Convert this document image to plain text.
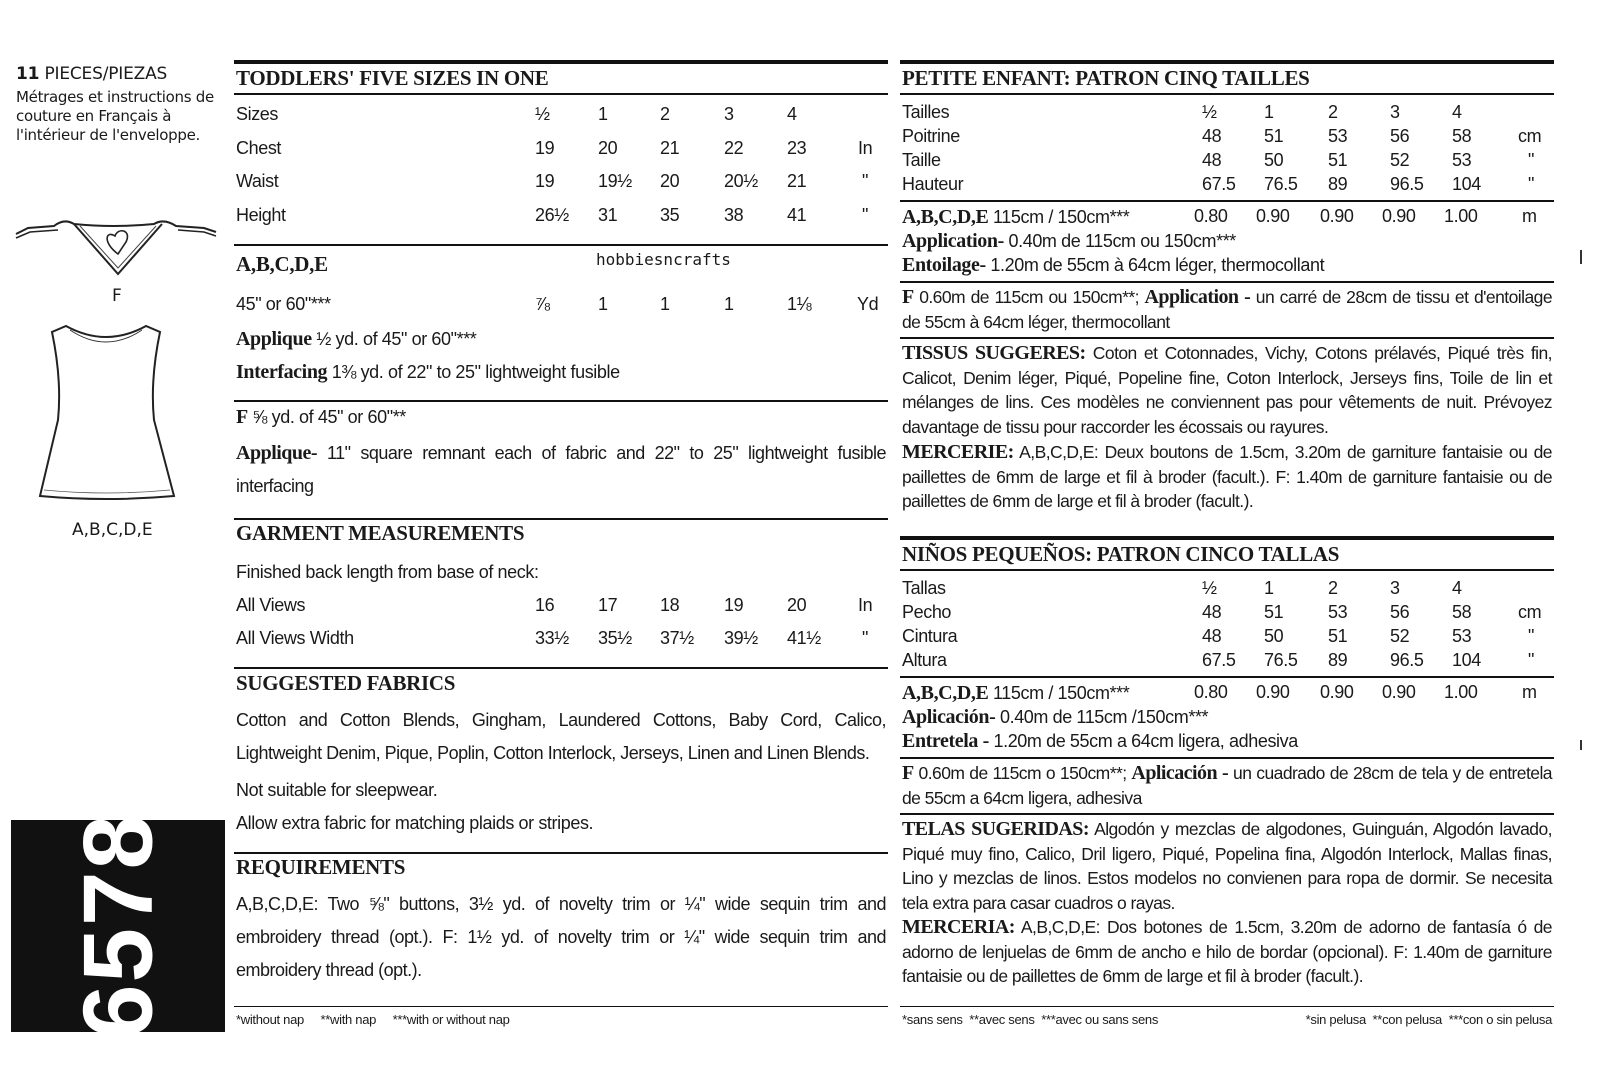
11 PIECES/PIEZAS
Métrages et instructions de couture en Français à l'intérieur de l'enveloppe.
F
A,B,C,D,E
6578
TODDLERS' FIVE SIZES IN ONE
Sizes	½	1	2	3	4
Chest	19 20 21 22 23	In
Waist	19 19½ 20 20½ 21	"
Height	26½ 31 35 38 41	"
A,B,C,D,E	hobbiesncrafts
45" or 60"***	⅞	1	1	1	1⅛	Yd
Applique ½ yd. of 45" or 60"***
Interfacing 1⅜ yd. of 22" to 25" lightweight fusible
F ⅝ yd. of 45" or 60"**
Applique- 11" square remnant each of fabric and 22" to 25" lightweight fusible interfacing
GARMENT MEASUREMENTS
Finished back length from base of neck:
All Views	16 17 18 19 20	In
All Views Width	33½ 35½ 37½ 39½ 41½ "
SUGGESTED FABRICS
Cotton and Cotton Blends, Gingham, Laundered Cottons, Baby Cord, Calico, Lightweight Denim, Pique, Poplin, Cotton Interlock, Jerseys, Linen and Linen Blends.
Not suitable for sleepwear.
Allow extra fabric for matching plaids or stripes.
REQUIREMENTS
A,B,C,D,E: Two ⅝" buttons, 3½ yd. of novelty trim or ¼" wide sequin trim and embroidery thread (opt.). F: 1½ yd. of novelty trim or ¼" wide sequin trim and embroidery thread (opt.).
*without nap     **with nap     ***with or without nap
PETITE ENFANT: PATRON CINQ TAILLES
Tailles	½	1	2	3	4
Poitrine	48 51 53 56 58	cm
Taille	48 50 51 52 53	"
Hauteur	67.5 76.5 89 96.5 104	"
A,B,C,D,E 115cm / 150cm***	0.80 0.90 0.90 0.90 1.00 m
Application- 0.40m de 115cm ou 150cm***
Entoilage- 1.20m de 55cm à 64cm léger, thermocollant
F 0.60m de 115cm ou 150cm**; Application - un carré de 28cm de tissu et d'entoilage de 55cm à 64cm léger, thermocollant
TISSUS SUGGERES: Coton et Cotonnades, Vichy, Cotons prélavés, Piqué très fin, Calicot, Denim léger, Piqué, Popeline fine, Coton Interlock, Jerseys fins, Toile de lin et mélanges de lins. Ces modèles ne conviennent pas pour vêtements de nuit. Prévoyez davantage de tissu pour raccorder les écossais ou rayures.
MERCERIE: A,B,C,D,E: Deux boutons de 1.5cm, 3.20m de garniture fantaisie ou de paillettes de 6mm de large et fil à broder (facult.). F: 1.40m de garniture fantaisie ou de paillettes de 6mm de large et fil à broder (facult.).
NIÑOS PEQUEÑOS: PATRON CINCO TALLAS
Tallas	½	1	2	3	4
Pecho	48 51 53 56 58	cm
Cintura	48 50 51 52 53	"
Altura	67.5 76.5 89 96.5 104	"
A,B,C,D,E 115cm / 150cm***	0.80 0.90 0.90 0.90 1.00 m
Aplicación- 0.40m de 115cm /150cm***
Entretela - 1.20m de 55cm a 64cm ligera, adhesiva
F 0.60m de 115cm o 150cm**; Aplicación - un cuadrado de 28cm de tela y de entretela de 55cm a 64cm ligera, adhesiva
TELAS SUGERIDAS: Algodón y mezclas de algodones, Guinguán, Algodón lavado, Piqué muy fino, Calico, Dril ligero, Piqué, Popelina fina, Algodón Interlock, Mallas finas, Lino y mezclas de linos. Estos modelos no convienen para ropa de dormir. Se necesita tela extra para casar cuadros o rayas.
MERCERIA: A,B,C,D,E: Dos botones de 1.5cm, 3.20m de adorno de fantasía ó de adorno de lenjuelas de 6mm de ancho e hilo de bordar (opcional). F: 1.40m de garniture fantaisie ou de paillettes de 6mm de large et fil à broder (facult.).
*sans sens  **avec sens  ***avec ou sans sens	*sin pelusa  **con pelusa  ***con o sin pelusa
